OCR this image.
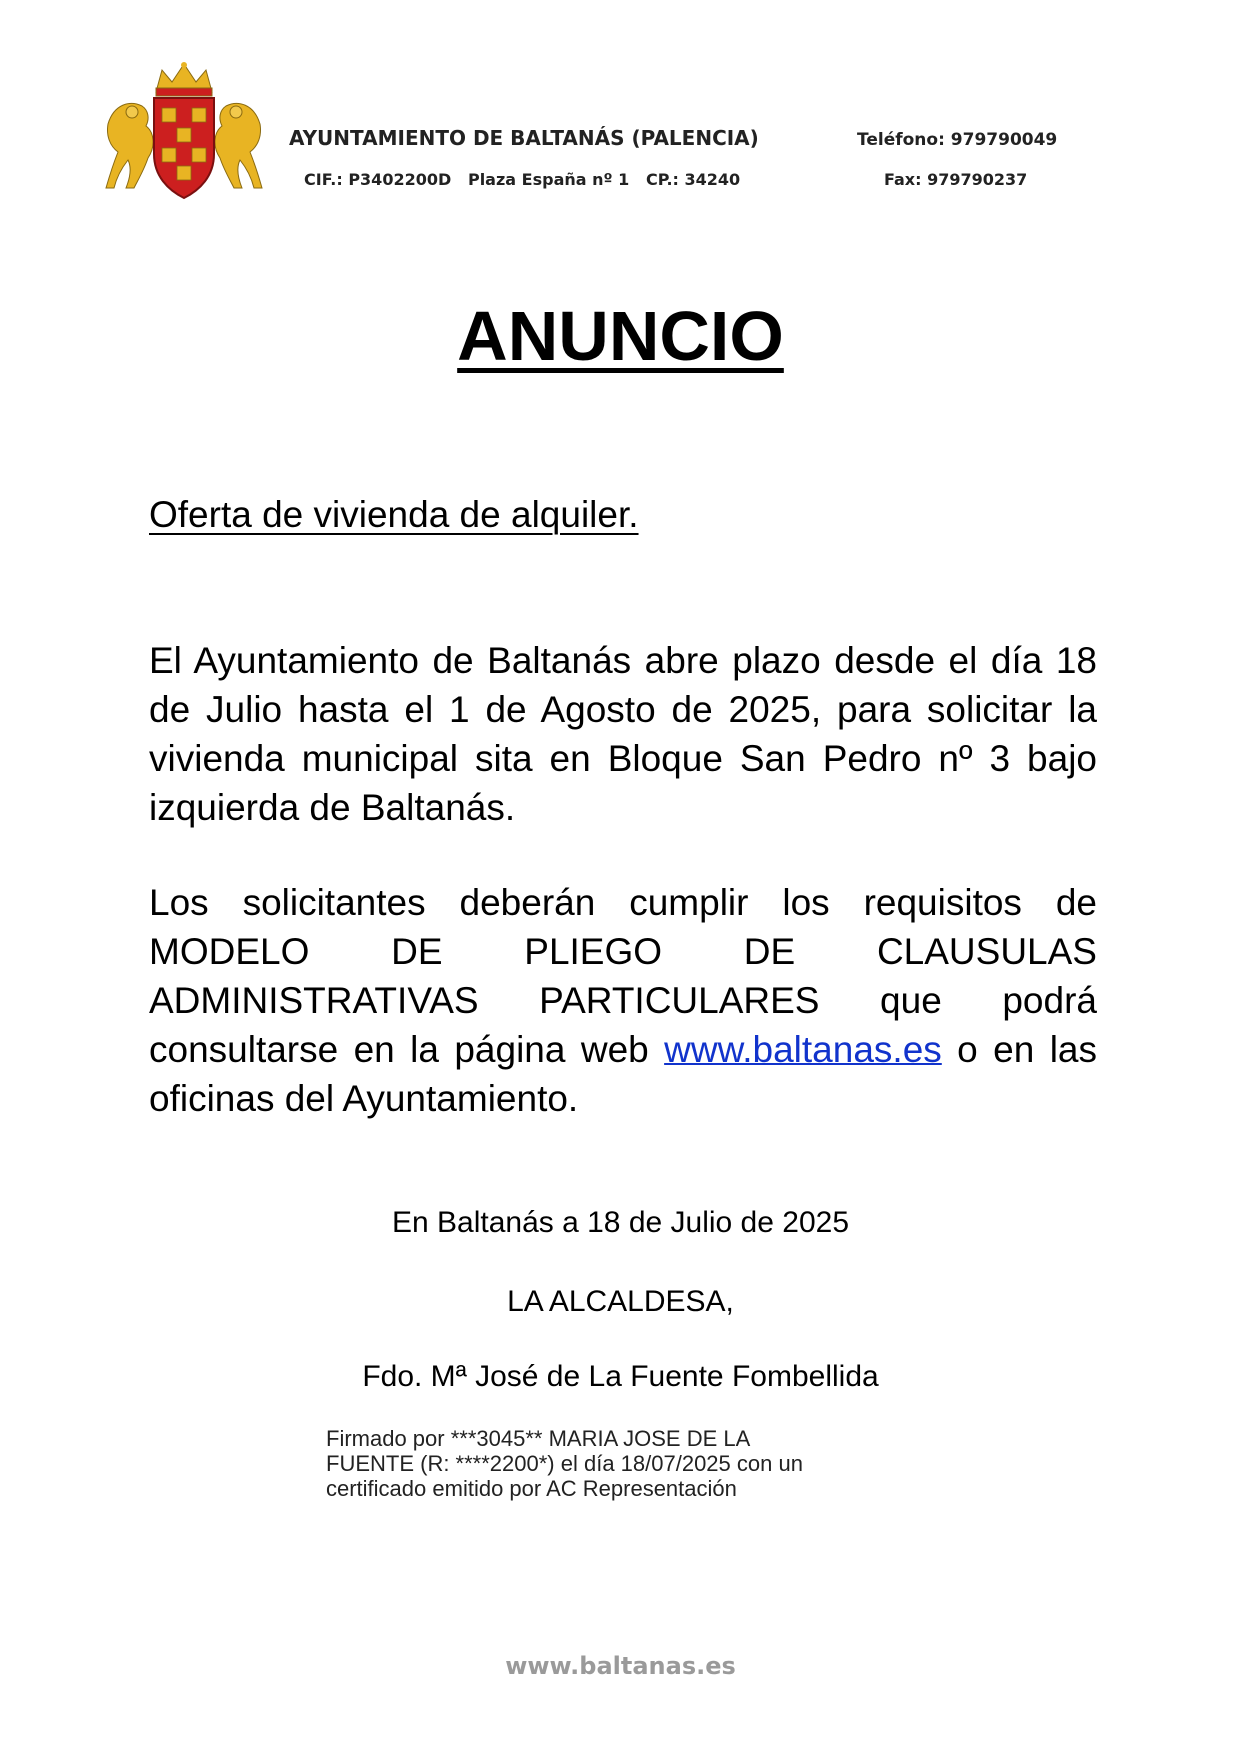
AYUNTAMIENTO DE BALTANÁS (PALENCIA)	Teléfono: 979790049
CIF.: P3402200D   Plaza España nº 1   CP.: 34240	Fax: 979790237
ANUNCIO
Oferta de vivienda de alquiler.
El Ayuntamiento de Baltanás abre plazo desde el día 18 de Julio hasta el 1 de Agosto de 2025, para solicitar la vivienda municipal sita en Bloque San Pedro nº 3 bajo izquierda de Baltanás.
Los solicitantes deberán cumplir los requisitos de MODELO DE PLIEGO DE CLAUSULAS ADMINISTRATIVAS PARTICULARES que podrá consultarse en la página web www.baltanas.es o en las oficinas del Ayuntamiento.
En Baltanás a 18 de Julio de 2025
LA ALCALDESA,
Fdo. Mª José de La Fuente Fombellida
Firmado por ***3045** MARIA JOSE DE LA
FUENTE (R: ****2200*) el día 18/07/2025 con un
certificado emitido por AC Representación
www.baltanas.es
